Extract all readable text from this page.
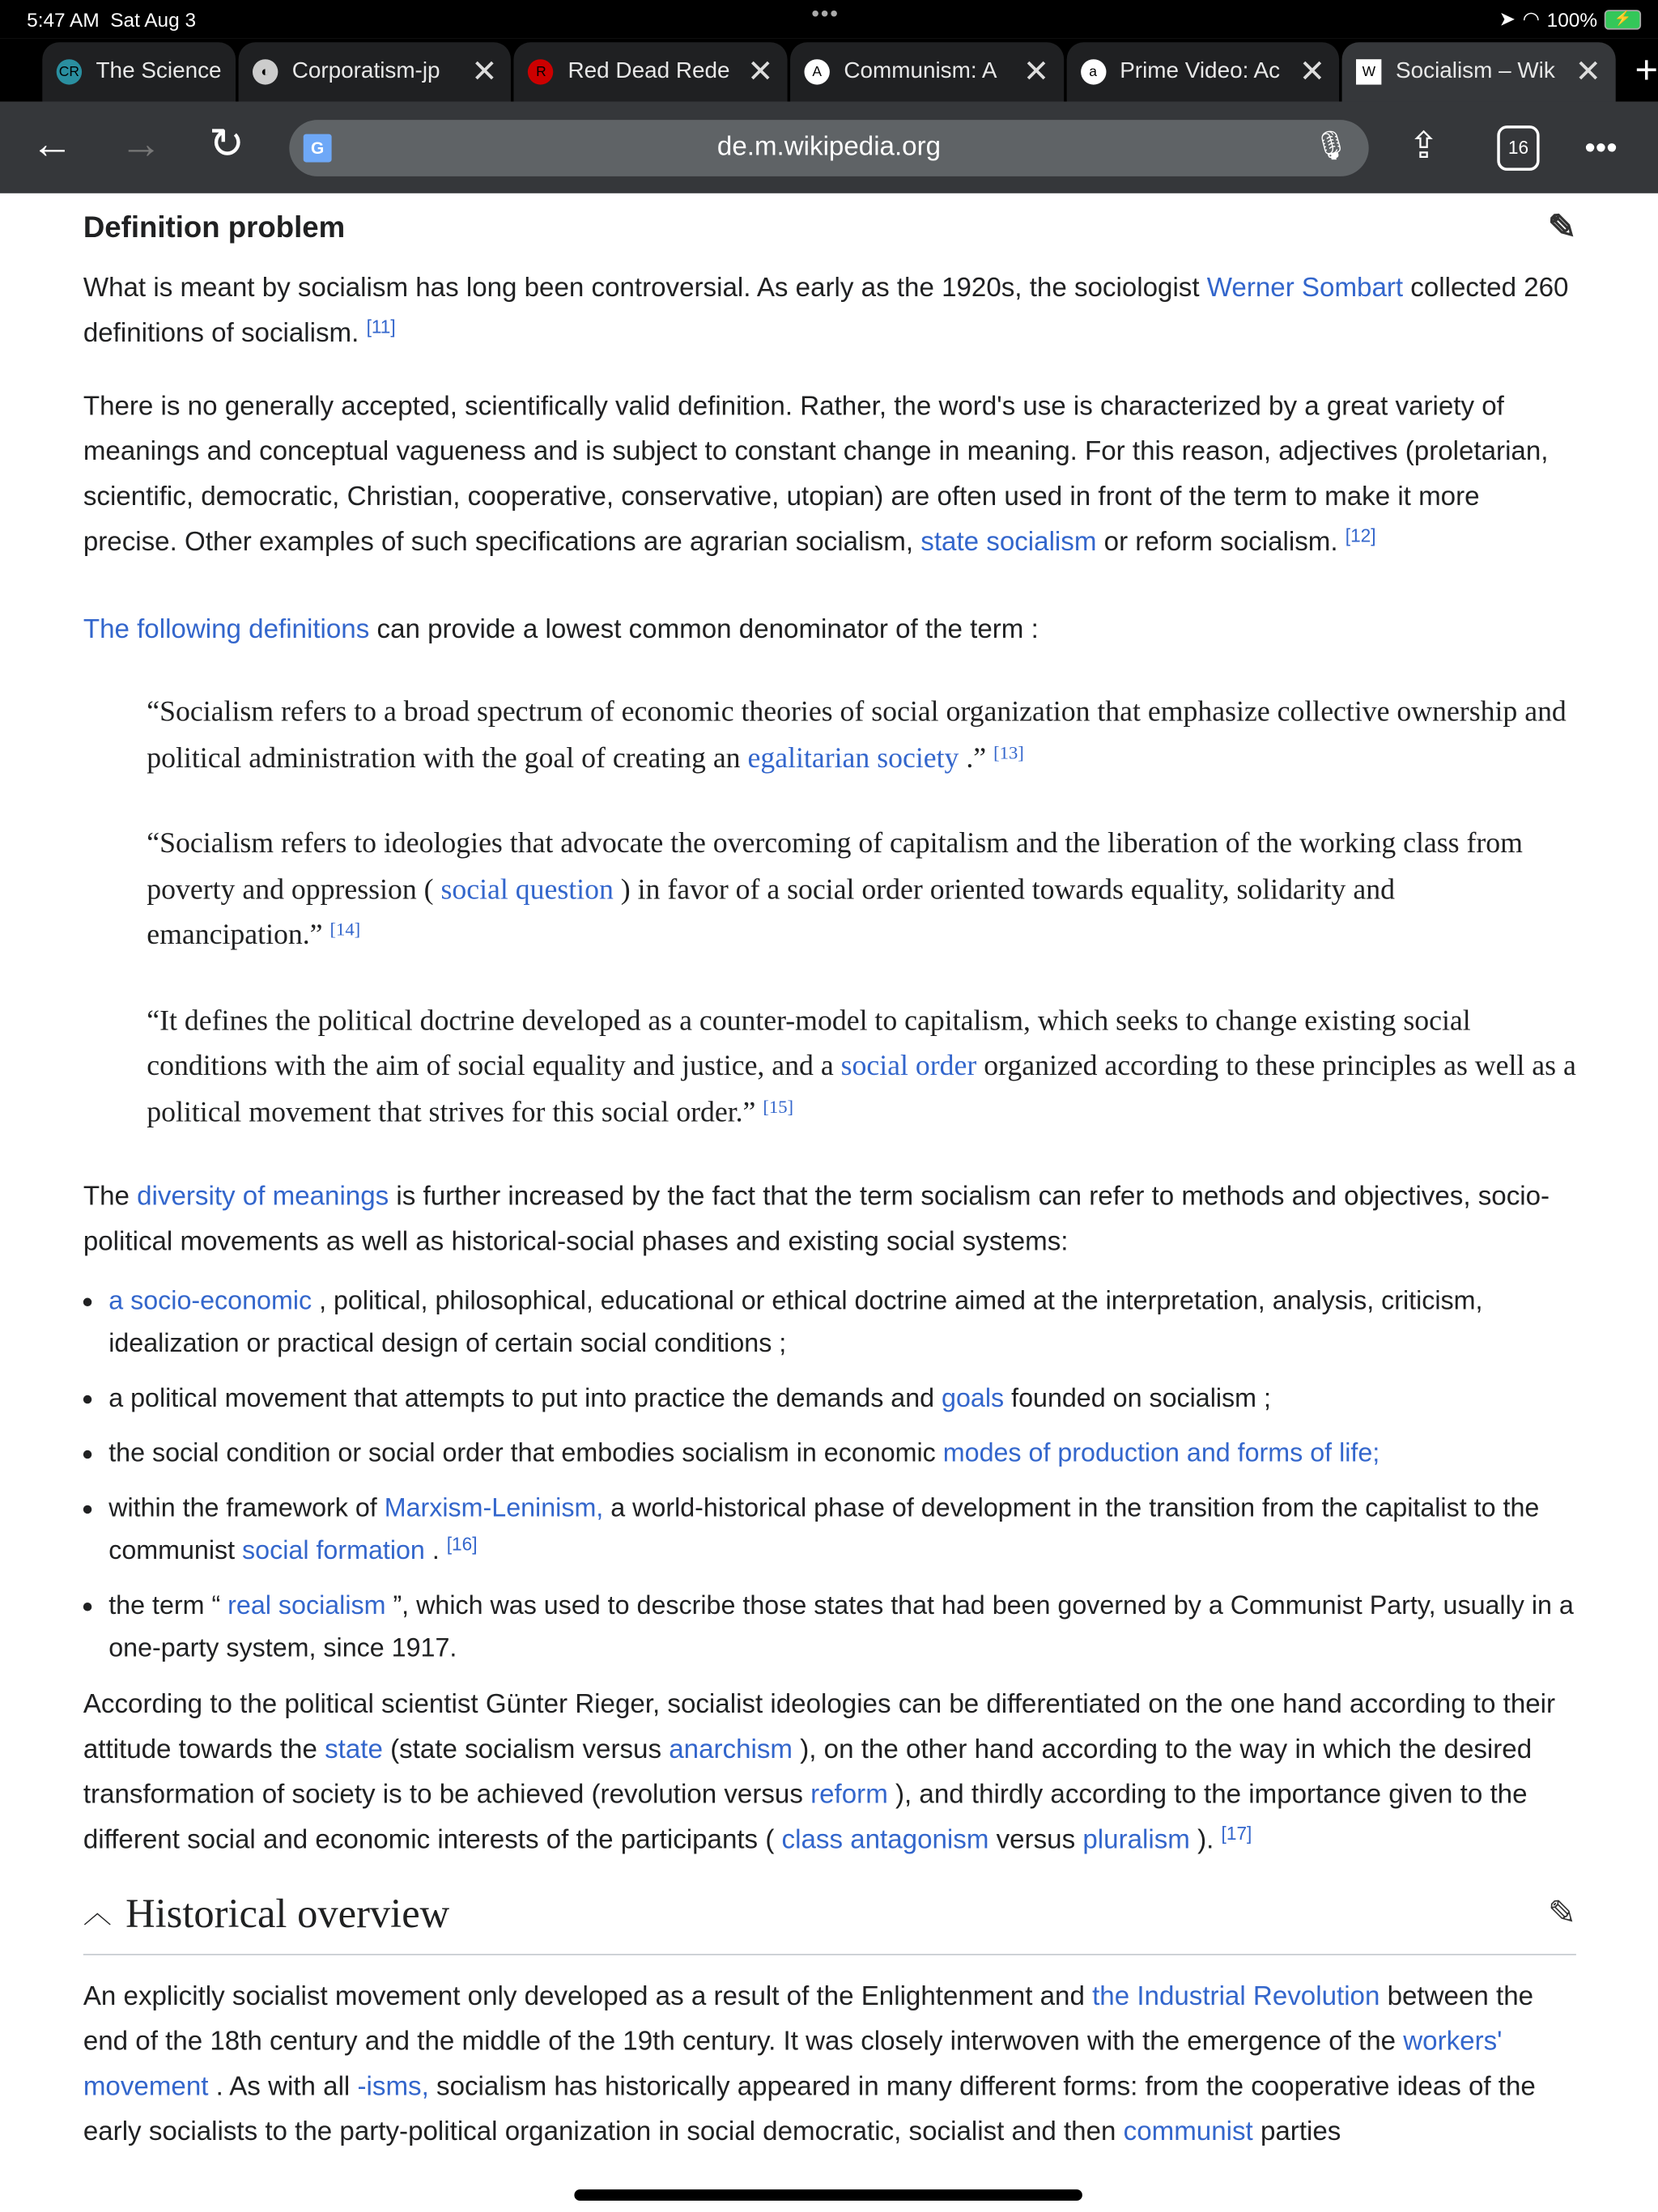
5:47 AM Sat Aug 3	•••	➤ ◠ 100%	⚡
CR The Science	◐	Corporatism-jp	✕	R	Red Dead Rede ✕	A	Communism: A	✕	a	Prime Video: Ac	✕	W	Socialism – Wik	✕ +
← → ↻	G	de.m.wikipedia.org	🎙	⇪	16	•••
Definition problem	✎

What is meant by socialism has long been controversial. As early as the 1920s, the sociologist Werner Sombart collected 260 definitions of socialism. [11]

There is no generally accepted, scientifically valid definition. Rather, the word's use is characterized by a great variety of meanings and conceptual vagueness and is subject to constant change in meaning. For this reason, adjectives (proletarian, scientific, democratic, Christian, cooperative, conservative, utopian) are often used in front of the term to make it more precise. Other examples of such specifications are agrarian socialism, state socialism or reform socialism. [12]

The following definitions can provide a lowest common denominator of the term :

“Socialism refers to a broad spectrum of economic theories of social organization that emphasize collective ownership and political administration with the goal of creating an egalitarian society .” [13]
“Socialism refers to ideologies that advocate the overcoming of capitalism and the liberation of the working class from poverty and oppression ( social question ) in favor of a social order oriented towards equality, solidarity and emancipation.” [14]
“It defines the political doctrine developed as a counter-model to capitalism, which seeks to change existing social conditions with the aim of social equality and justice, and a social order organized according to these principles as well as a political movement that strives for this social order.” [15]

The diversity of meanings is further increased by the fact that the term socialism can refer to methods and objectives, socio-political movements as well as historical-social phases and existing social systems:

• a socio-economic , political, philosophical, educational or ethical doctrine aimed at the interpretation, analysis, criticism, idealization or practical design of certain social conditions ;
• a political movement that attempts to put into practice the demands and goals founded on socialism ;
• the social condition or social order that embodies socialism in economic modes of production and forms of life;
• within the framework of Marxism-Leninism, a world-historical phase of development in the transition from the capitalist to the communist social formation . [16]
• the term “ real socialism ”, which was used to describe those states that had been governed by a Communist Party, usually in a one-party system, since 1917.

According to the political scientist Günter Rieger, socialist ideologies can be differentiated on the one hand according to their attitude towards the state (state socialism versus anarchism ), on the other hand according to the way in which the desired transformation of society is to be achieved (revolution versus reform ), and thirdly according to the importance given to the different social and economic interests of the participants ( class antagonism versus pluralism ). [17]

︿ Historical overview	✎

An explicitly socialist movement only developed as a result of the Enlightenment and the Industrial Revolution between the end of the 18th century and the middle of the 19th century. It was closely interwoven with the emergence of the workers' movement . As with all -isms, socialism has historically appeared in many different forms: from the cooperative ideas of the early socialists to the party-political organization in social democratic, socialist and then communist parties
